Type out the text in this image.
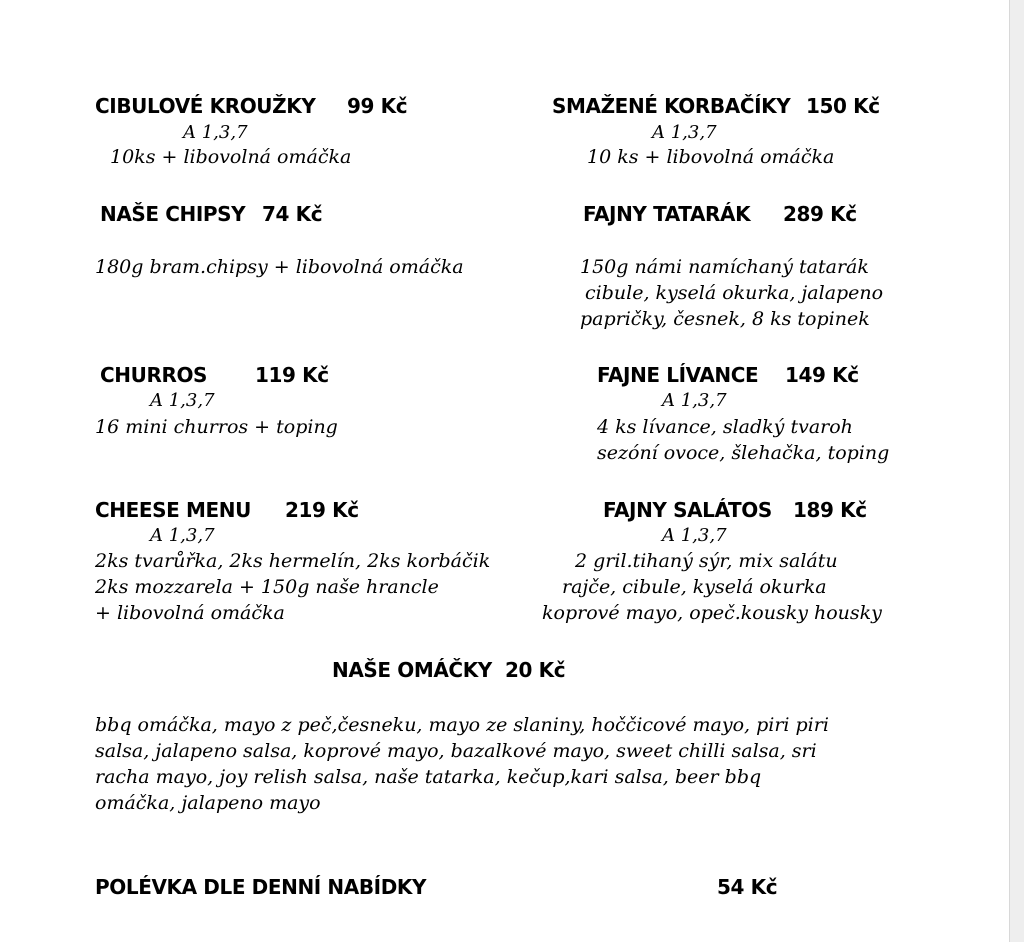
CIBULOVÉ KROUŽKY 99 Kč
A 1,3,7
10ks + libovolná omáčka
SMAŽENÉ KORBAČÍKY 150 Kč
A 1,3,7
10 ks + libovolná omáčka
NAŠE CHIPSY 74 Kč
180g bram.chipsy + libovolná omáčka
FAJNY TATARÁK 289 Kč
150g námi namíchaný tatarák
cibule, kyselá okurka, jalapeno
papričky, česnek, 8 ks topinek
CHURROS 119 Kč
A 1,3,7
16 mini churros + toping
FAJNE LÍVANCE 149 Kč
A 1,3,7
4 ks lívance, sladký tvaroh
sezóní ovoce, šlehačka, toping
CHEESE MENU 219 Kč
A 1,3,7
2ks tvarůřka, 2ks hermelín, 2ks korbáčik
2ks mozzarela + 150g naše hrancle
+ libovolná omáčka
FAJNY SALÁTOS 189 Kč
A 1,3,7
2 gril.tihaný sýr, mix salátu
rajče, cibule, kyselá okurka
koprové mayo, opeč.kousky housky
NAŠE OMÁČKY 20 Kč
bbq omáčka, mayo z peč,česneku, mayo ze slaniny, hoččicové mayo, piri piri
salsa, jalapeno salsa, koprové mayo, bazalkové mayo, sweet chilli salsa, sri
racha mayo, joy relish salsa, naše tatarka, kečup,kari salsa, beer bbq
omáčka, jalapeno mayo
POLÉVKA DLE DENNÍ NABÍDKY	54 Kč
